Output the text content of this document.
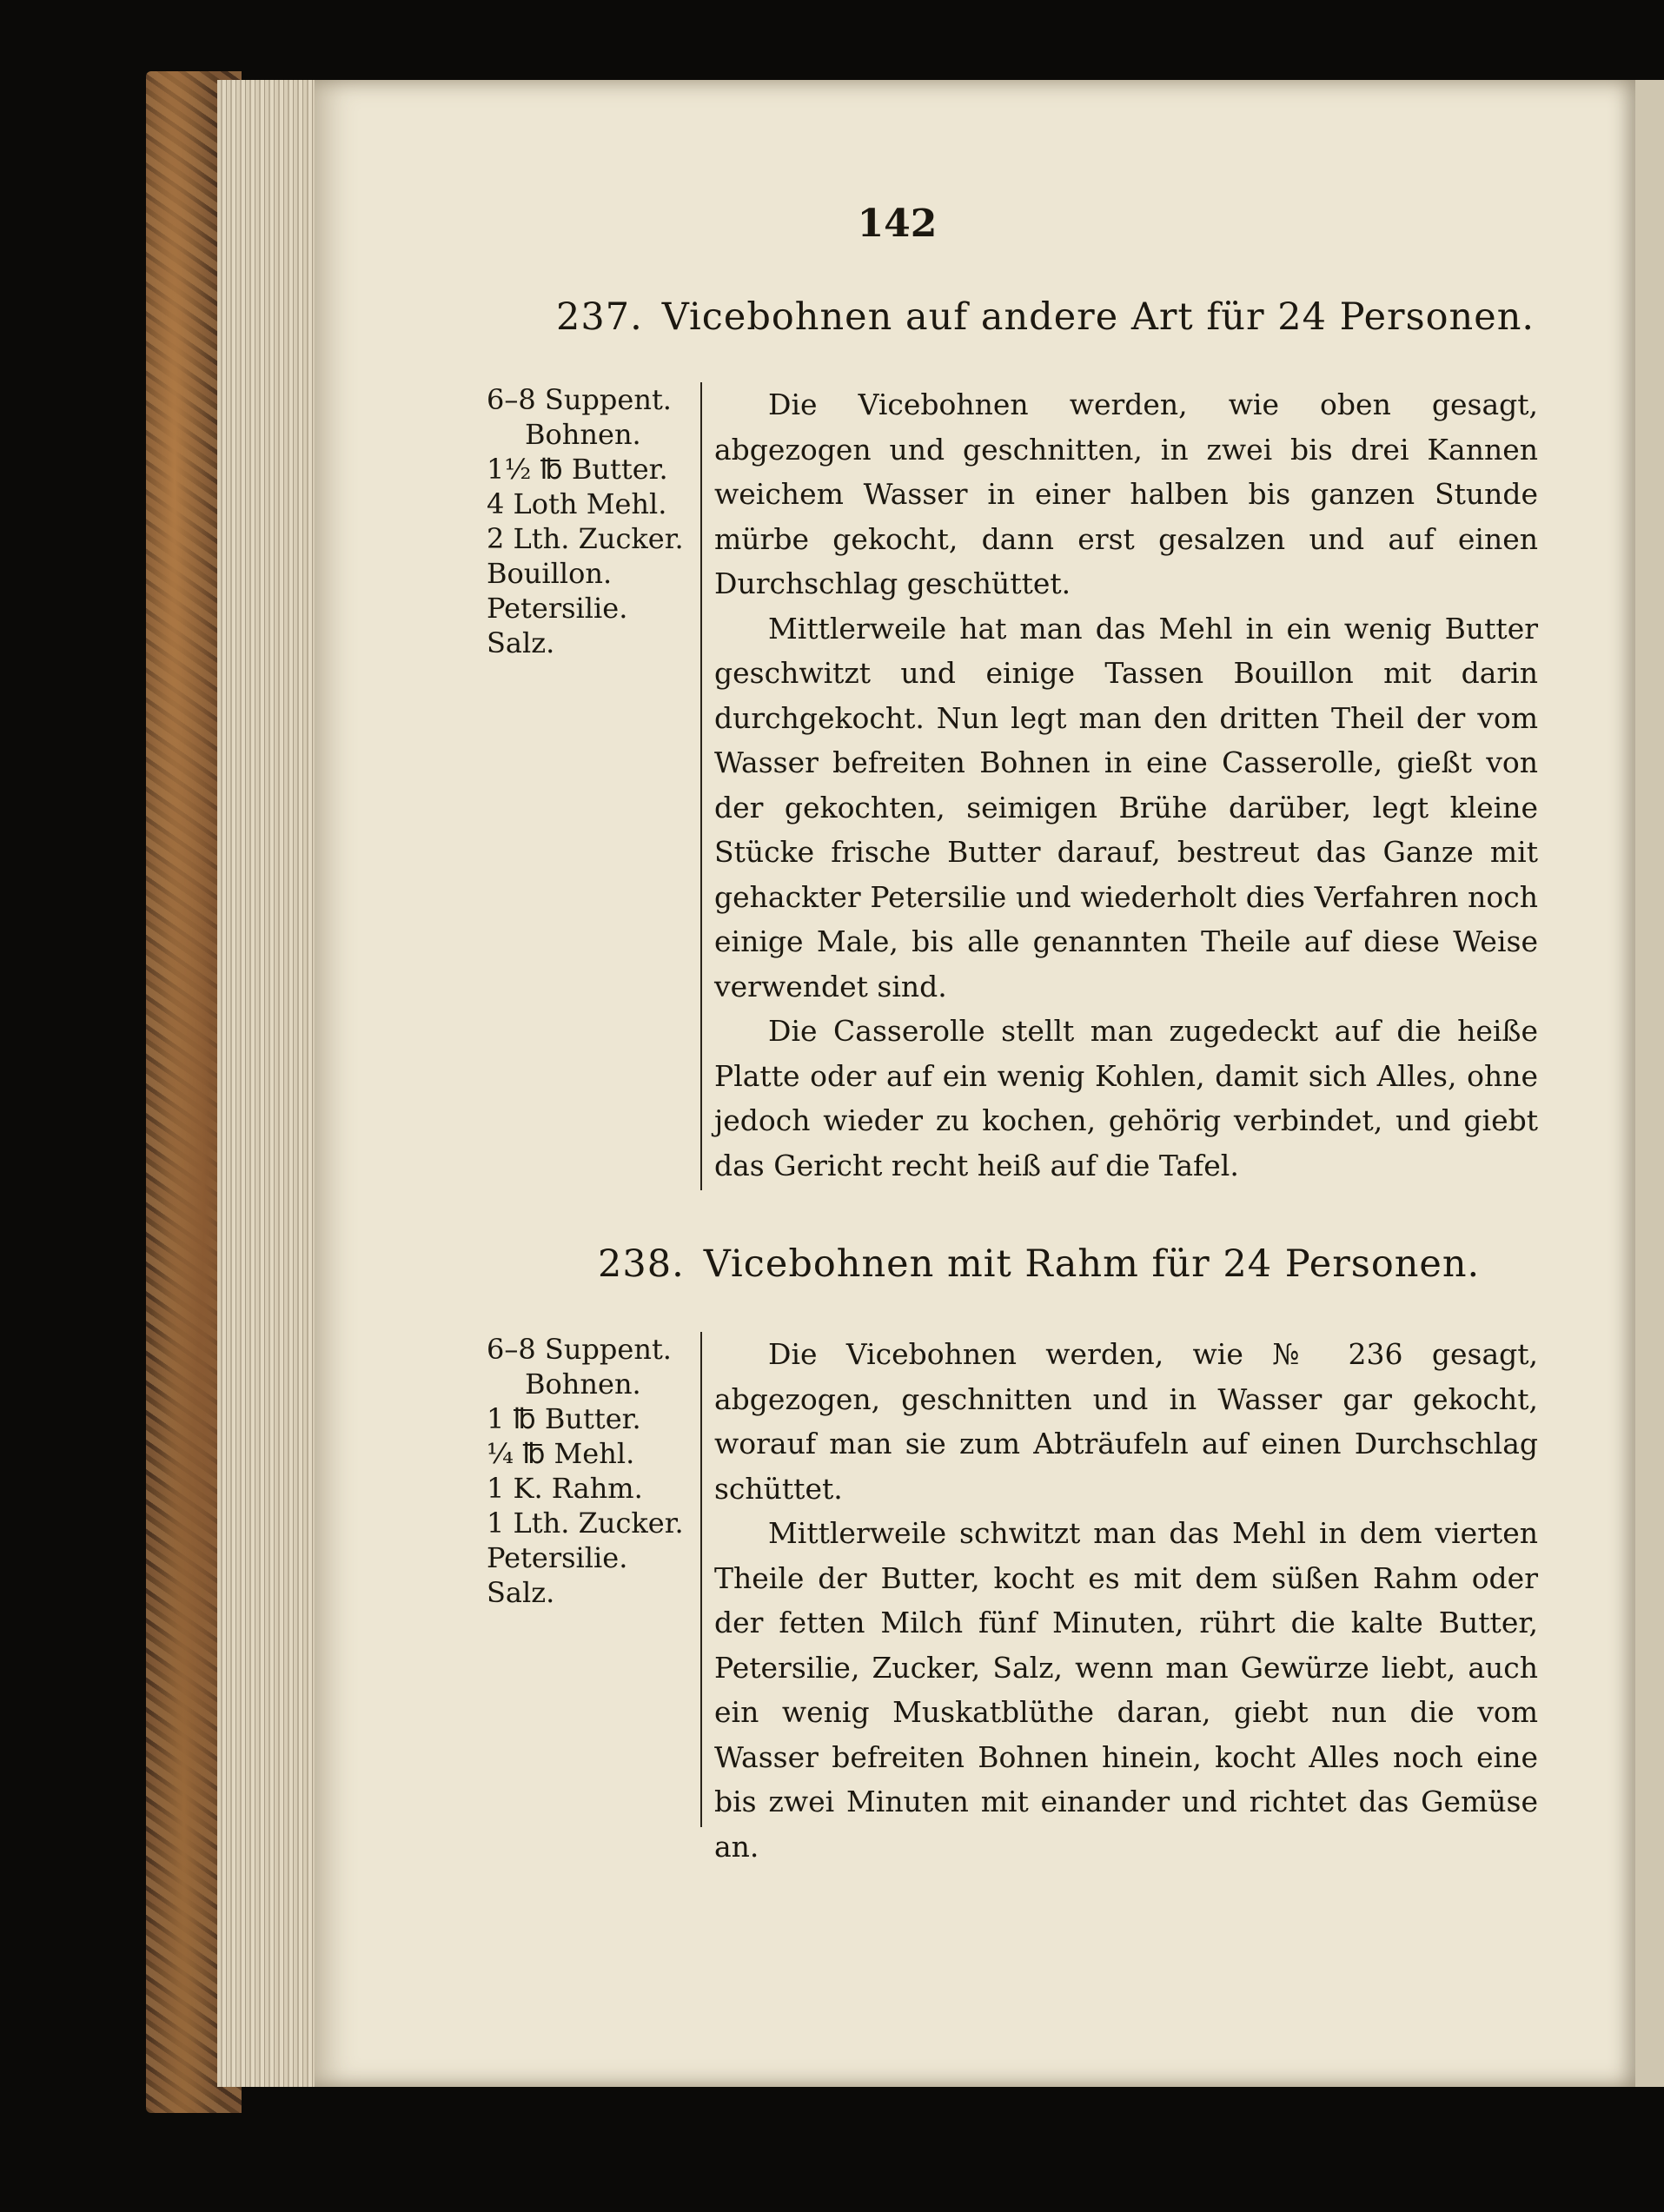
142
237. Vicebohnen auf andere Art für 24 Personen.
6–8 Suppent.
Bohnen.
1½ ℔ Butter.
4 Loth Mehl.
2 Lth. Zucker.
Bouillon.
Petersilie.
Salz.

Die Vicebohnen werden, wie oben gesagt, abgezogen und geschnitten, in zwei bis drei Kannen weichem Wasser in einer halben bis ganzen Stunde mürbe gekocht, dann erst gesalzen und auf einen Durchschlag geschüttet.

Mittlerweile hat man das Mehl in ein wenig Butter geschwitzt und einige Tassen Bouillon mit darin durchgekocht. Nun legt man den dritten Theil der vom Wasser befreiten Bohnen in eine Casserolle, gießt von der gekochten, seimigen Brühe darüber, legt kleine Stücke frische Butter darauf, bestreut das Ganze mit gehackter Petersilie und wiederholt dies Verfahren noch einige Male, bis alle genannten Theile auf diese Weise verwendet sind.

Die Casserolle stellt man zugedeckt auf die heiße Platte oder auf ein wenig Kohlen, damit sich Alles, ohne jedoch wieder zu kochen, gehörig verbindet, und giebt das Gericht recht heiß auf die Tafel.

238. Vicebohnen mit Rahm für 24 Personen.
6–8 Suppent.
Bohnen.
1 ℔ Butter.
¼ ℔ Mehl.
1 K. Rahm.
1 Lth. Zucker.
Petersilie.
Salz.

Die Vicebohnen werden, wie № 236 gesagt, abgezogen, geschnitten und in Wasser gar gekocht, worauf man sie zum Abträufeln auf einen Durchschlag schüttet.

Mittlerweile schwitzt man das Mehl in dem vierten Theile der Butter, kocht es mit dem süßen Rahm oder der fetten Milch fünf Minuten, rührt die kalte Butter, Petersilie, Zucker, Salz, wenn man Gewürze liebt, auch ein wenig Muskatblüthe daran, giebt nun die vom Wasser befreiten Bohnen hinein, kocht Alles noch eine bis zwei Minuten mit einander und richtet das Gemüse an.
